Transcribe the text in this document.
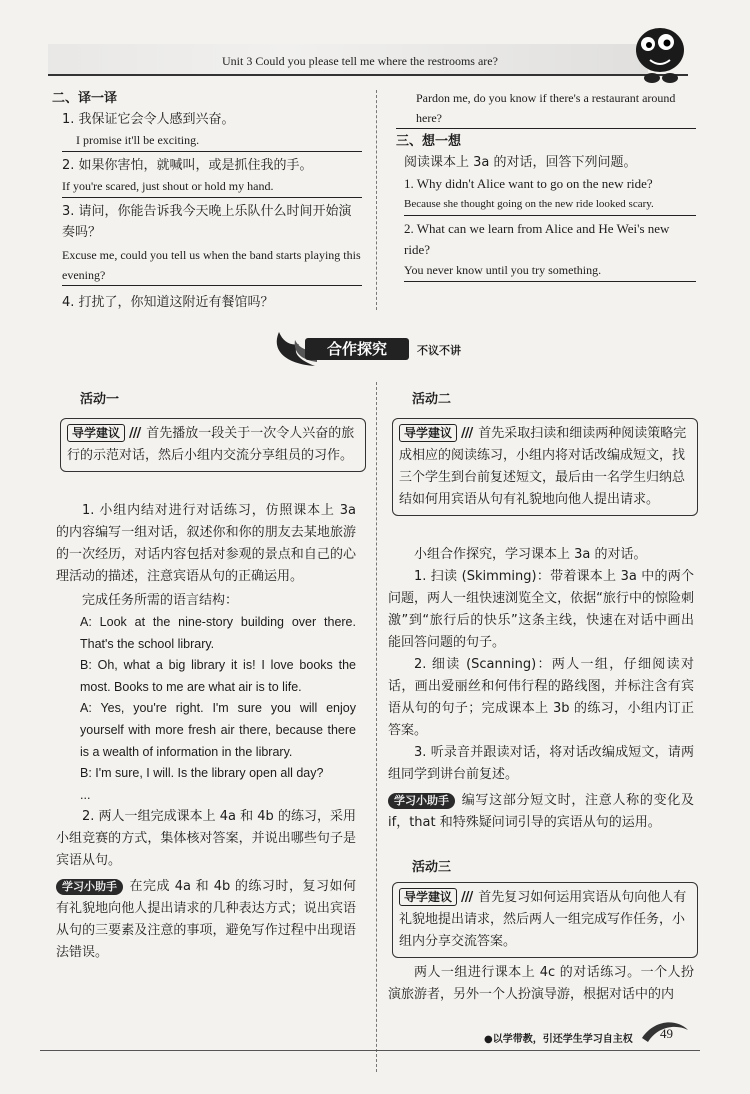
Unit 3 Could you please tell me where the restrooms are?
二、译一译
1. 我保证它会令人感到兴奋。
I promise it'll be exciting.
2. 如果你害怕，就喊叫，或是抓住我的手。
If you're scared, just shout or hold my hand.
3. 请问，你能告诉我今天晚上乐队什么时间开始演奏吗？
Excuse me, could you tell us when the band starts playing this evening?
4. 打扰了，你知道这附近有餐馆吗？
Pardon me, do you know if there's a restaurant around here?
三、想一想
阅读课本上 3a 的对话，回答下列问题。
1. Why didn't Alice want to go on the new ride?
Because she thought going on the new ride looked scary.
2. What can we learn from Alice and He Wei's new ride?
You never know until you try something.
合作探究	不议不讲
活动一
导学建议 /// 首先播放一段关于一次令人兴奋的旅行的示范对话，然后小组内交流分享组员的习作。
1. 小组内结对进行对话练习，仿照课本上 3a 的内容编写一组对话，叙述你和你的朋友去某地旅游的一次经历，对话内容包括对参观的景点和自己的心理活动的描述，注意宾语从句的正确运用。
完成任务所需的语言结构：
A: Look at the nine-story building over there. That's the school library.
B: Oh, what a big library it is! I love books the most. Books to me are what air is to life.
A: Yes, you're right. I'm sure you will enjoy yourself with more fresh air there, because there is a wealth of information in the library.
B: I'm sure, I will. Is the library open all day?
...
2. 两人一组完成课本上 4a 和 4b 的练习，采用小组竞赛的方式，集体核对答案，并说出哪些句子是宾语从句。
学习小助手 在完成 4a 和 4b 的练习时，复习如何有礼貌地向他人提出请求的几种表达方式；说出宾语从句的三要素及注意的事项，避免写作过程中出现语法错误。
活动二
导学建议 /// 首先采取扫读和细读两种阅读策略完成相应的阅读练习，小组内将对话改编成短文，找三个学生到台前复述短文，最后由一名学生归纳总结如何用宾语从句有礼貌地向他人提出请求。
小组合作探究，学习课本上 3a 的对话。
1. 扫读 (Skimming)：带着课本上 3a 中的两个问题，两人一组快速浏览全文，依据“旅行中的惊险刺激”到“旅行后的快乐”这条主线，快速在对话中画出能回答问题的句子。
2. 细读 (Scanning)：两人一组，仔细阅读对话，画出爱丽丝和何伟行程的路线图，并标注含有宾语从句的句子；完成课本上 3b 的练习，小组内订正答案。
3. 听录音并跟读对话，将对话改编成短文，请两组同学到讲台前复述。
学习小助手 编写这部分短文时，注意人称的变化及 if，that 和特殊疑问词引导的宾语从句的运用。
活动三
导学建议 /// 首先复习如何运用宾语从句向他人有礼貌地提出请求，然后两人一组完成写作任务，小组内分享交流答案。
两人一组进行课本上 4c 的对话练习。一个人扮演旅游者，另外一个人扮演导游，根据对话中的内
●以学带教，引还学生学习自主权 49
